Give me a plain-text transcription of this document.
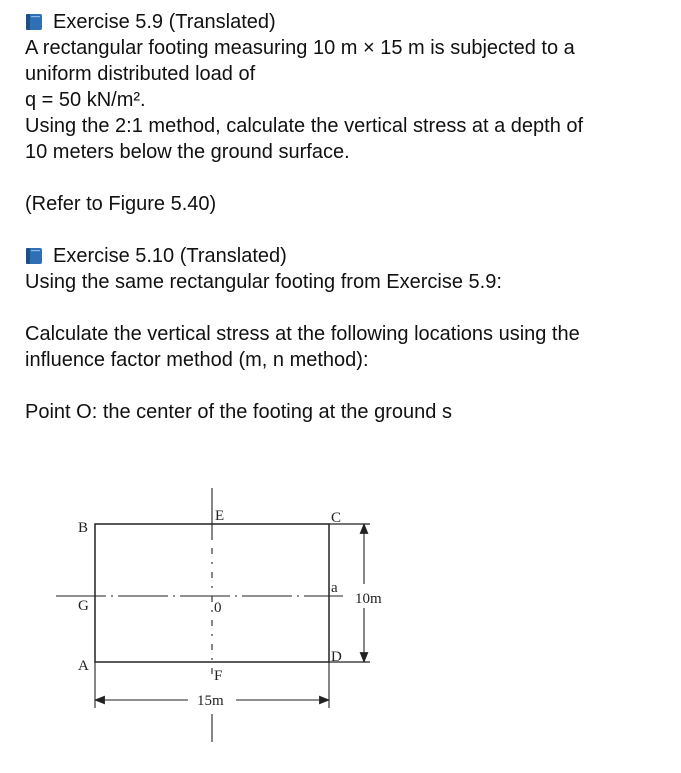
Exercise 5.9 (Translated)

A rectangular footing measuring 10 m × 15 m is subjected to a

uniform distributed load of

q = 50 kN/m².

Using the 2:1 method, calculate the vertical stress at a depth of

10 meters below the ground surface.

(Refer to Figure 5.40)

Exercise 5.10 (Translated)

Using the same rectangular footing from Exercise 5.9:

Calculate the vertical stress at the following locations using the

influence factor method (m, n method):

Point O: the center of the footing at the ground s

B
E	C
a
G	0
A
D
F
15m
10m
